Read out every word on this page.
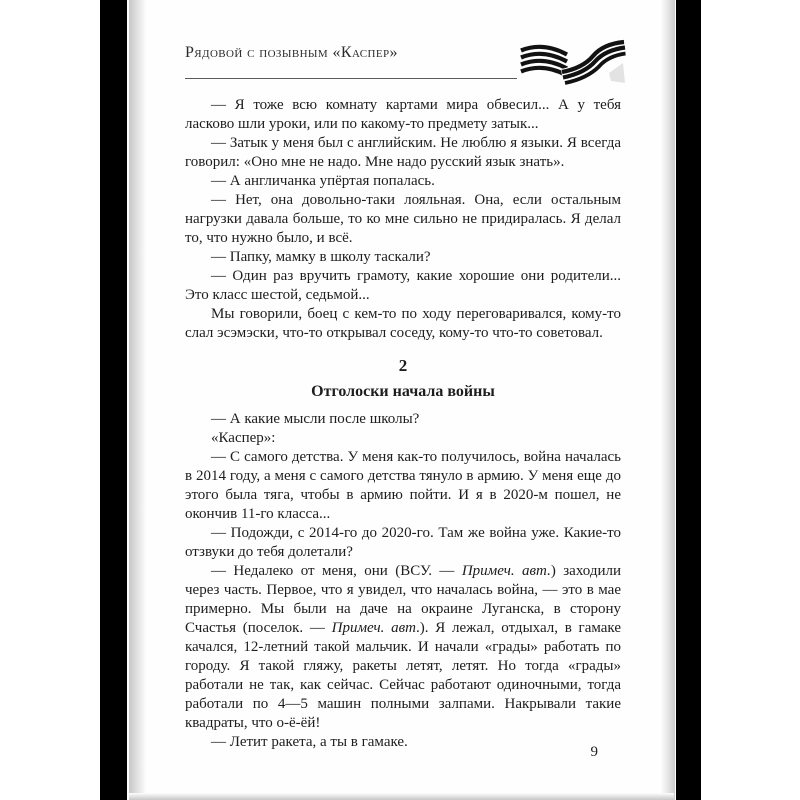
Рядовой с позывным «Каспер»

— Я тоже всю комнату картами мира обвесил... А у тебя ласково шли уроки, или по какому-то предмету затык...

— Затык у меня был с английским. Не люблю я языки. Я всегда говорил: «Оно мне не надо. Мне надо русский язык знать».

— А англичанка упёртая попалась.

— Нет, она довольно-таки лояльная. Она, если остальным нагрузки давала больше, то ко мне сильно не придиралась. Я делал то, что нужно было, и всё.

— Папку, мамку в школу таскали?

— Один раз вручить грамоту, какие хорошие они родители... Это класс шестой, седьмой...

Мы говорили, боец с кем-то по ходу переговаривался, кому-то слал эсэмэски, что-то открывал соседу, кому-то что-то советовал.

2
Отголоски начала войны

— А какие мысли после школы?

«Каспер»:

— С самого детства. У меня как-то получилось, война началась в 2014 году, а меня с самого детства тянуло в армию. У меня еще до этого была тяга, чтобы в армию пойти. И я в 2020-м пошел, не окончив 11-го класса...

— Подожди, с 2014-го до 2020-го. Там же война уже. Какие-то отзвуки до тебя долетали?

— Недалеко от меня, они (ВСУ. — Примеч. авт.) заходили через часть. Первое, что я увидел, что началась война, — это в мае примерно. Мы были на даче на окраине Луганска, в сторону Счастья (поселок. — Примеч. авт.). Я лежал, отдыхал, в гамаке качался, 12-летний такой мальчик. И начали «грады» работать по городу. Я такой гляжу, ракеты летят, летят. Но тогда «грады» работали не так, как сейчас. Сейчас работают одиночными, тогда работали по 4—5 машин полными залпами. Накрывали такие квадраты, что о-ё-ёй!

— Летит ракета, а ты в гамаке.

9
